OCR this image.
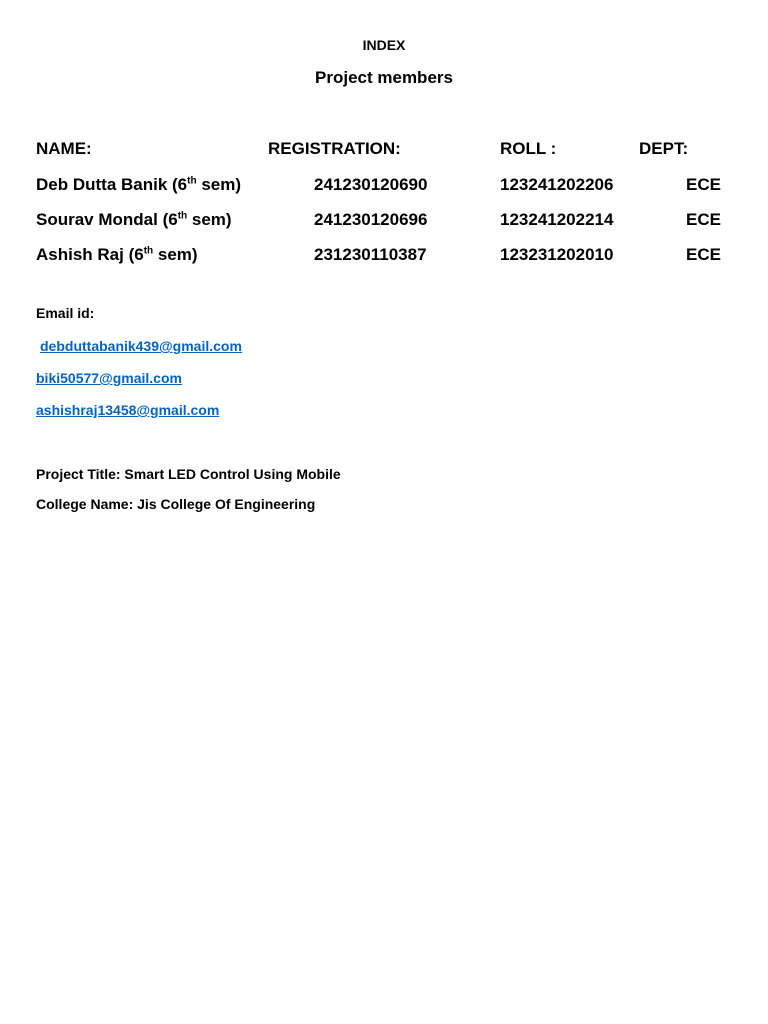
INDEX
Project members
NAME:	REGISTRATION:	ROLL :	DEPT:
Deb Dutta Banik (6th sem)	241230120690	123241202206	ECE
Sourav Mondal (6th sem)	241230120696	123241202214	ECE
Ashish Raj (6th sem)	231230110387	123231202010	ECE
Email id:
debduttabanik439@gmail.com
biki50577@gmail.com
ashishraj13458@gmail.com
Project Title: Smart LED Control Using Mobile
College Name: Jis College Of Engineering
